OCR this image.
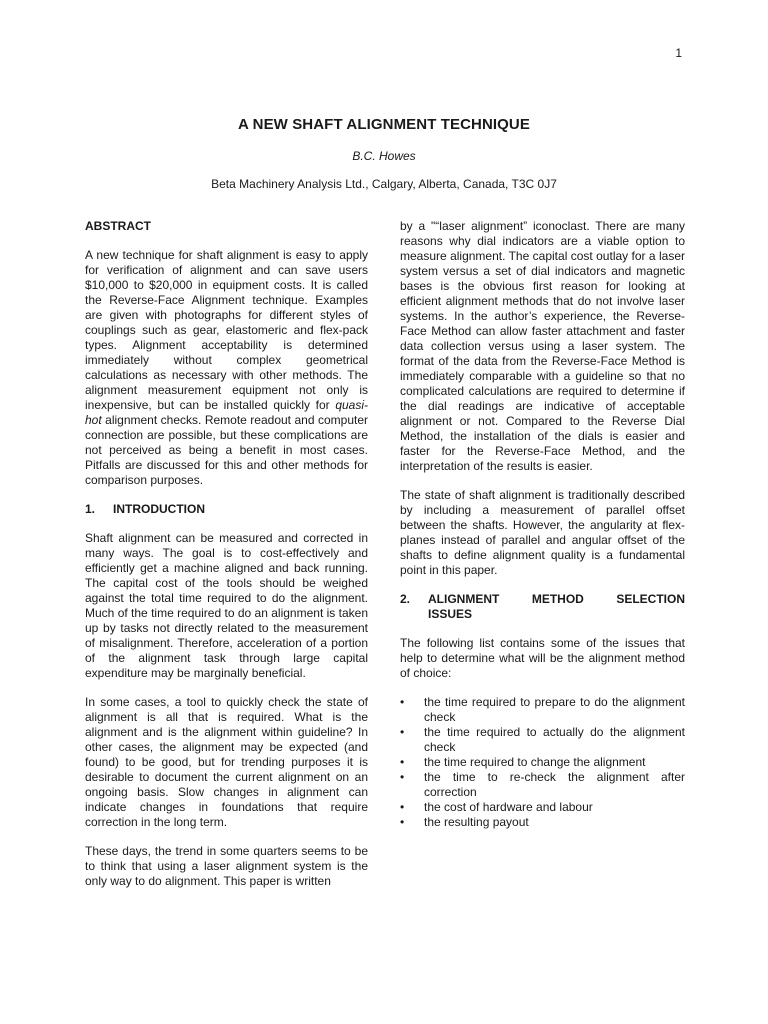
1
A NEW SHAFT ALIGNMENT TECHNIQUE
B.C. Howes
Beta Machinery Analysis Ltd., Calgary, Alberta, Canada, T3C 0J7
ABSTRACT

A new technique for shaft alignment is easy to apply for verification of alignment and can save users $10,000 to $20,000 in equipment costs. It is called the Reverse-Face Alignment technique. Examples are given with photographs for different styles of couplings such as gear, elastomeric and flex-pack types. Alignment acceptability is determined immediately without complex geometrical calculations as necessary with other methods. The alignment measurement equipment not only is inexpensive, but can be installed quickly for quasi-hot alignment checks. Remote readout and computer connection are possible, but these complications are not perceived as being a benefit in most cases. Pitfalls are discussed for this and other methods for comparison purposes.

1.	INTRODUCTION

Shaft alignment can be measured and corrected in many ways. The goal is to cost-effectively and efficiently get a machine aligned and back running. The capital cost of the tools should be weighed against the total time required to do the alignment. Much of the time required to do an alignment is taken up by tasks not directly related to the measurement of misalignment. Therefore, acceleration of a portion of the alignment task through large capital expenditure may be marginally beneficial.

In some cases, a tool to quickly check the state of alignment is all that is required. What is the alignment and is the alignment within guideline? In other cases, the alignment may be expected (and found) to be good, but for trending purposes it is desirable to document the current alignment on an ongoing basis. Slow changes in alignment can indicate changes in foundations that require correction in the long term.

These days, the trend in some quarters seems to be to think that using a laser alignment system is the only way to do alignment. This paper is written

by a "“laser alignment” iconoclast. There are many reasons why dial indicators are a viable option to measure alignment. The capital cost outlay for a laser system versus a set of dial indicators and magnetic bases is the obvious first reason for looking at efficient alignment methods that do not involve laser systems. In the author’s experience, the Reverse-Face Method can allow faster attachment and faster data collection versus using a laser system. The format of the data from the Reverse-Face Method is immediately comparable with a guideline so that no complicated calculations are required to determine if the dial readings are indicative of acceptable alignment or not. Compared to the Reverse Dial Method, the installation of the dials is easier and faster for the Reverse-Face Method, and the interpretation of the results is easier.

The state of shaft alignment is traditionally described by including a measurement of parallel offset between the shafts. However, the angularity at flex-planes instead of parallel and angular offset of the shafts to define alignment quality is a fundamental point in this paper.

2.	ALIGNMENT METHOD SELECTION
ISSUES

The following list contains some of the issues that help to determine what will be the alignment method of choice:

•	the time required to prepare to do the alignment check
•	the time required to actually do the alignment check
•	the time required to change the alignment
•	the time to re-check the alignment after correction
•	the cost of hardware and labour
•	the resulting payout
